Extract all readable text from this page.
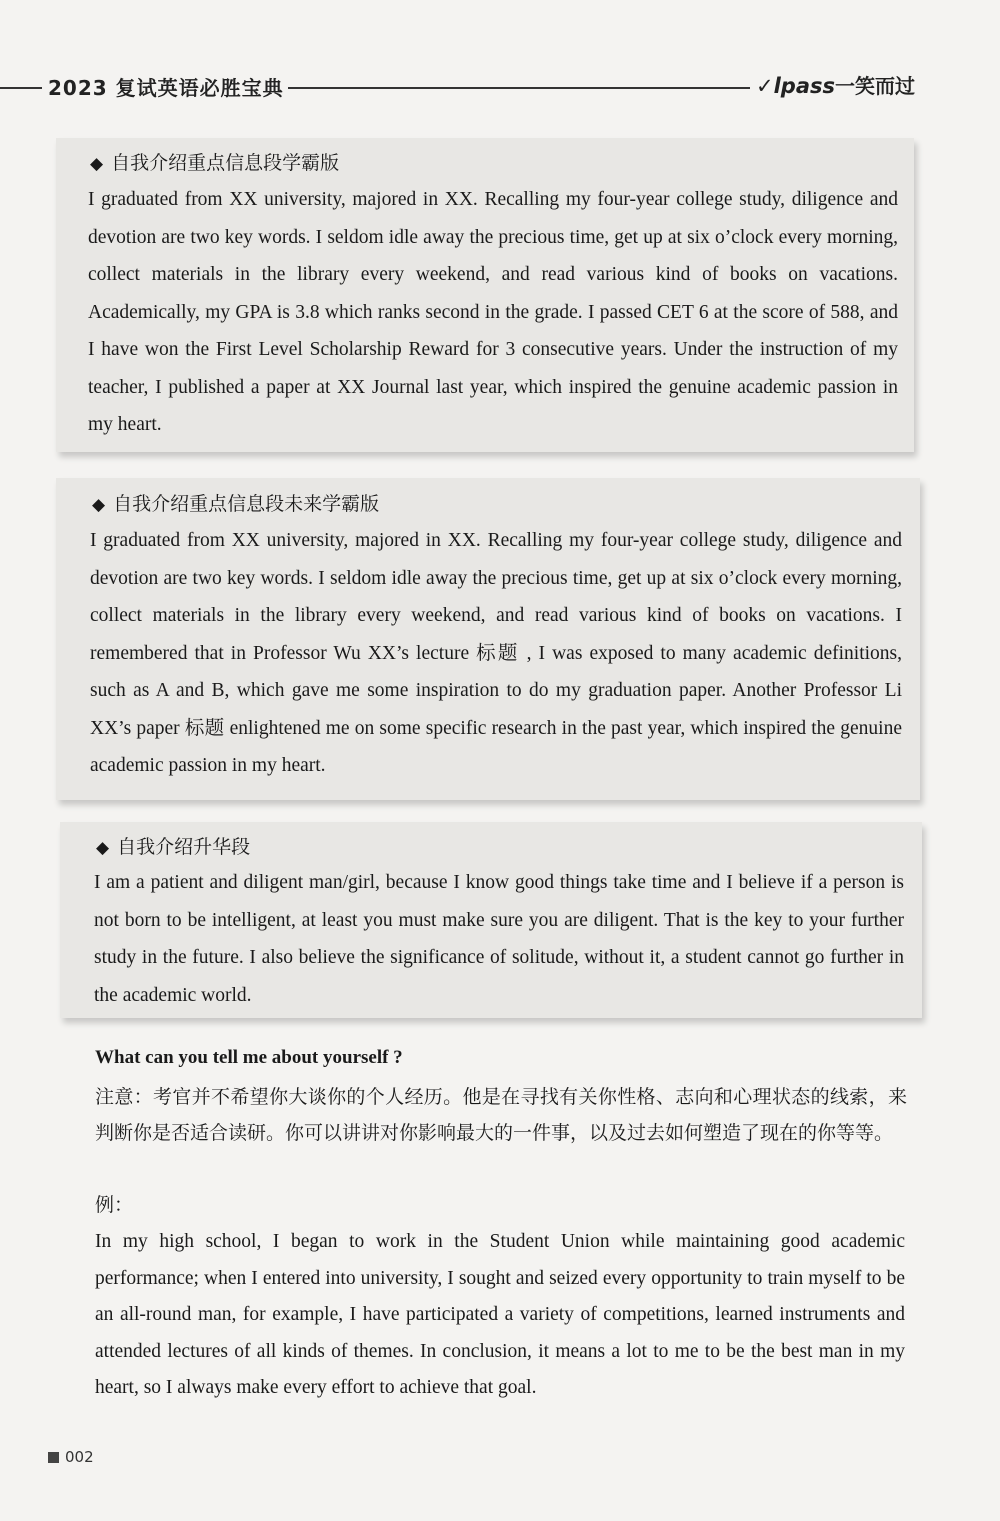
2023 复试英语必胜宝典	✓lpass一笑而过
◆ 自我介绍重点信息段学霸版
I graduated from XX university, majored in XX. Recalling my four-year college study, diligence and devotion are two key words. I seldom idle away the precious time, get up at six o’clock every morning, collect materials in the library every weekend, and read various kind of books on vacations. Academically, my GPA is 3.8 which ranks second in the grade. I passed CET 6 at the score of 588, and I have won the First Level Scholarship Reward for 3 consecutive years. Under the instruction of my teacher, I published a paper at XX Journal last year, which inspired the genuine academic passion in my heart.
◆ 自我介绍重点信息段未来学霸版
I graduated from XX university, majored in XX. Recalling my four-year college study, diligence and devotion are two key words. I seldom idle away the precious time, get up at six o’clock every morning, collect materials in the library every weekend, and read various kind of books on vacations. I remembered that in Professor Wu XX’s lecture 标题 , I was exposed to many academic definitions, such as A and B, which gave me some inspiration to do my graduation paper. Another Professor Li XX’s paper 标题 enlightened me on some specific research in the past year, which inspired the genuine academic passion in my heart.
◆ 自我介绍升华段
I am a patient and diligent man/girl, because I know good things take time and I believe if a person is not born to be intelligent, at least you must make sure you are diligent. That is the key to your further study in the future. I also believe the significance of solitude, without it, a student cannot go further in the academic world.
What can you tell me about yourself ?
注意：考官并不希望你大谈你的个人经历。他是在寻找有关你性格、志向和心理状态的线索，来判断你是否适合读研。你可以讲讲对你影响最大的一件事，以及过去如何塑造了现在的你等等。
例：
In my high school, I began to work in the Student Union while maintaining good academic performance; when I entered into university, I sought and seized every opportunity to train myself to be an all-round man, for example, I have participated a variety of competitions, learned instruments and attended lectures of all kinds of themes. In conclusion, it means a lot to me to be the best man in my heart, so I always make every effort to achieve that goal.
002
